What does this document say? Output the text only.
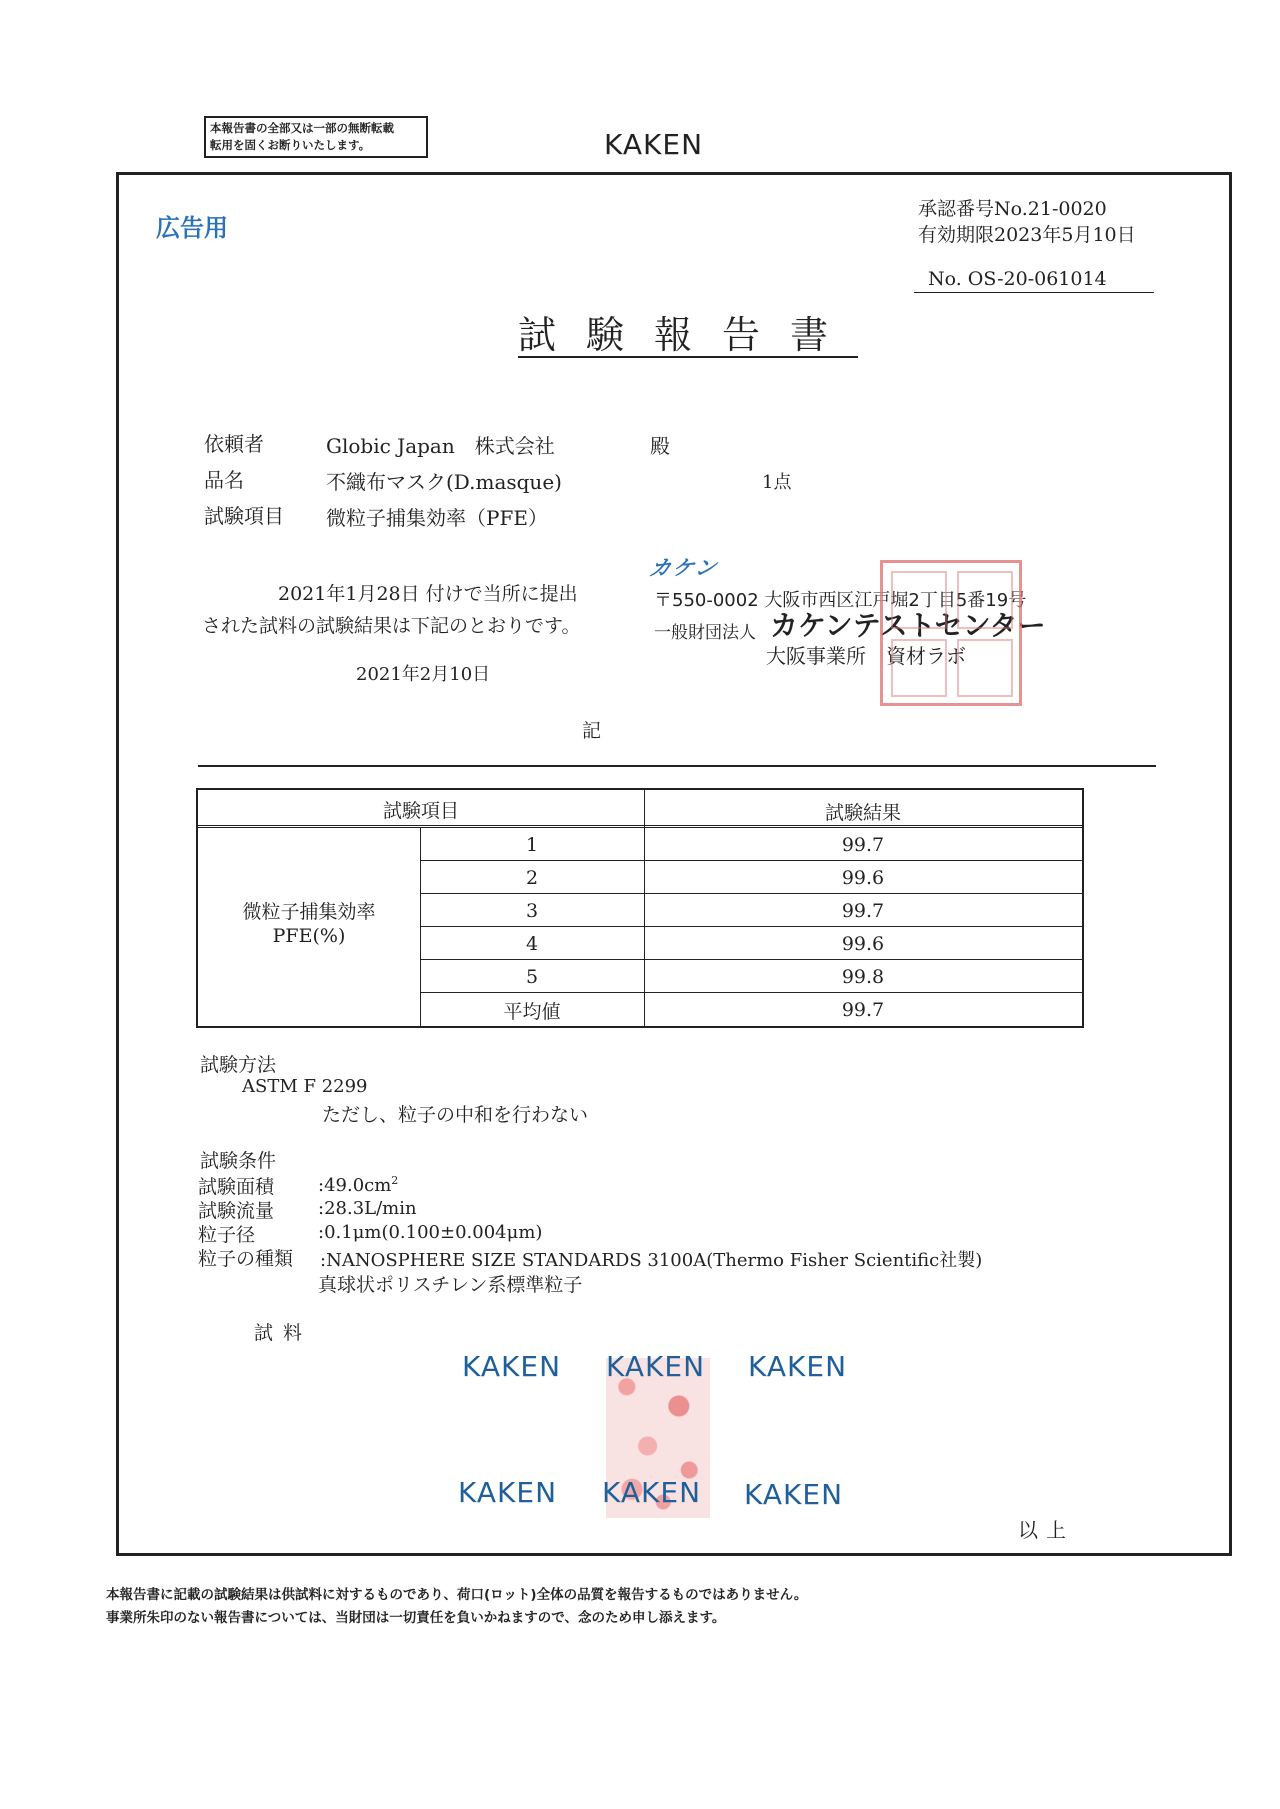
本報告書の全部又は一部の無断転載
転用を固くお断りいたします。	KAKEN
広告用
承認番号No.21-0020
有効期限2023年5月10日
No. OS-20-061014
試験報告書
依頼者	Globic Japan　株式会社	殿
品名	不織布マスク(D.masque)	1点
試験項目 微粒子捕集効率（PFE）
2021年1月28日 付けで当所に提出
された試料の試験結果は下記のとおりです。
2021年2月10日
カケン
〒550-0002 大阪市西区江戸堀2丁目5番19号
一般財団法人 カケンテストセンター
大阪事業所　資材ラボ
記
試験項目	試験結果
微粒子捕集効率
PFE(%)
1	99.7
2	99.6
3	99.7
4	99.6
5	99.8
平均値	99.7
試験方法
ASTM F 2299
ただし、粒子の中和を行わない
試験条件
試験面積 $:49.0cm^2$
試験流量 :28.3L/min
粒子径	:0.1μm(0.100±0.004μm)
粒子の種類 :NANOSPHERE SIZE STANDARDS 3100A(Thermo Fisher Scientific社製)
真球状ポリスチレン系標準粒子
試料
KAKEN KAKEN KAKEN
KAKEN KAKEN KAKEN
以上
本報告書に記載の試験結果は供試料に対するものであり、荷口(ロット)全体の品質を報告するものではありません。
事業所朱印のない報告書については、当財団は一切責任を負いかねますので、念のため申し添えます。
